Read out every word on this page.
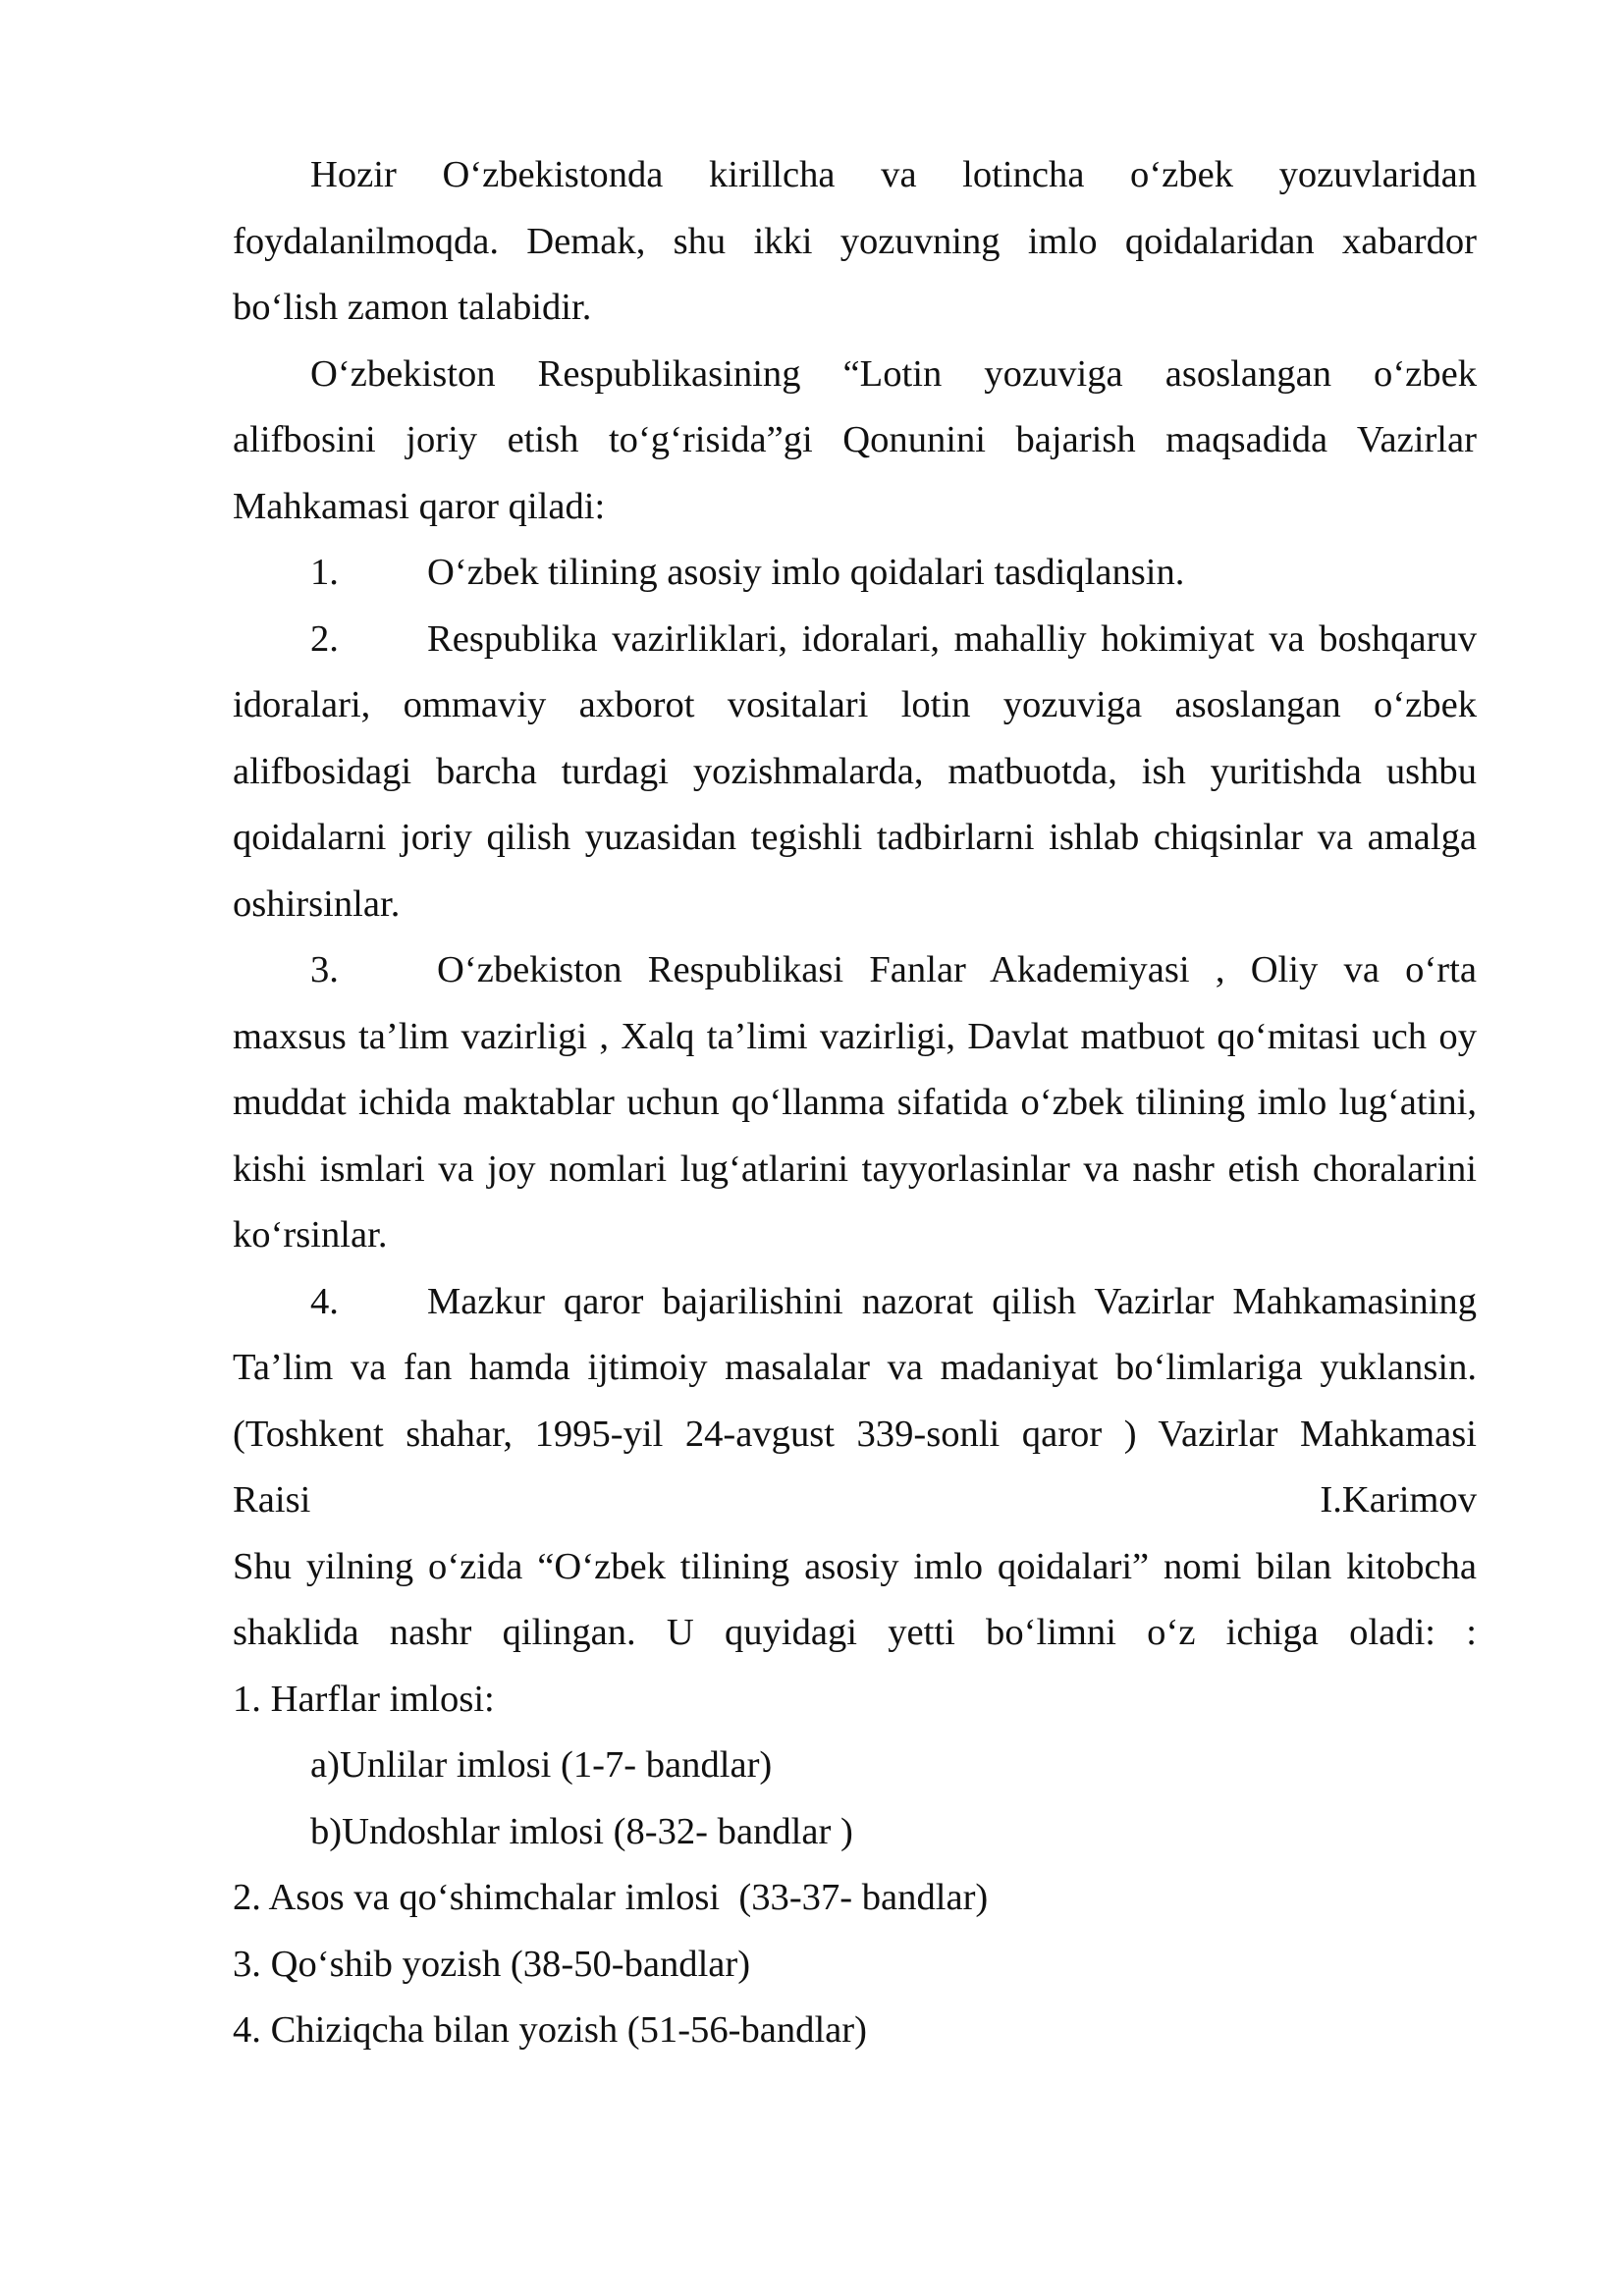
Hozir O‘zbekistonda kirillcha va lotincha o‘zbek yozuvlaridan
foydalanilmoqda. Demak, shu ikki yozuvning imlo qoidalaridan xabardor
bo‘lish zamon talabidir.
O‘zbekiston Respublikasining “Lotin yozuviga asoslangan o‘zbek
alifbosini joriy etish to‘g‘risida”gi Qonunini bajarish maqsadida Vazirlar
Mahkamasi qaror qiladi:
1. O‘zbek tilining asosiy imlo qoidalari tasdiqlansin.
2. Respublika vazirliklari, idoralari, mahalliy hokimiyat va boshqaruv
idoralari, ommaviy axborot vositalari lotin yozuviga asoslangan o‘zbek
alifbosidagi barcha turdagi yozishmalarda, matbuotda, ish yuritishda ushbu
qoidalarni joriy qilish yuzasidan tegishli tadbirlarni ishlab chiqsinlar va amalga
oshirsinlar.
3.	O‘zbekiston Respublikasi Fanlar Akademiyasi , Oliy va o‘rta
maxsus ta’lim vazirligi , Xalq ta’limi vazirligi, Davlat matbuot qo‘mitasi uch oy
muddat ichida maktablar uchun qo‘llanma sifatida o‘zbek tilining imlo lug‘atini,
kishi ismlari va joy nomlari lug‘atlarini tayyorlasinlar va nashr etish choralarini
ko‘rsinlar.
4. Mazkur qaror bajarilishini nazorat qilish Vazirlar Mahkamasining
Ta’lim va fan hamda ijtimoiy masalalar va madaniyat bo‘limlariga yuklansin.
(Toshkent shahar, 1995-yil 24-avgust 339-sonli qaror ) Vazirlar Mahkamasi
Raisi	I.Karimov
Shu yilning o‘zida “O‘zbek tilining asosiy imlo qoidalari” nomi bilan kitobcha
shaklida nashr qilingan. U quyidagi yetti bo‘limni o‘z ichiga oladi: :
1. Harflar imlosi:
a)Unlilar imlosi (1-7- bandlar)
b)Undoshlar imlosi (8-32- bandlar )
2. Asos va qo‘shimchalar imlosi  (33-37- bandlar)
3. Qo‘shib yozish (38-50-bandlar)
4. Chiziqcha bilan yozish (51-56-bandlar)
